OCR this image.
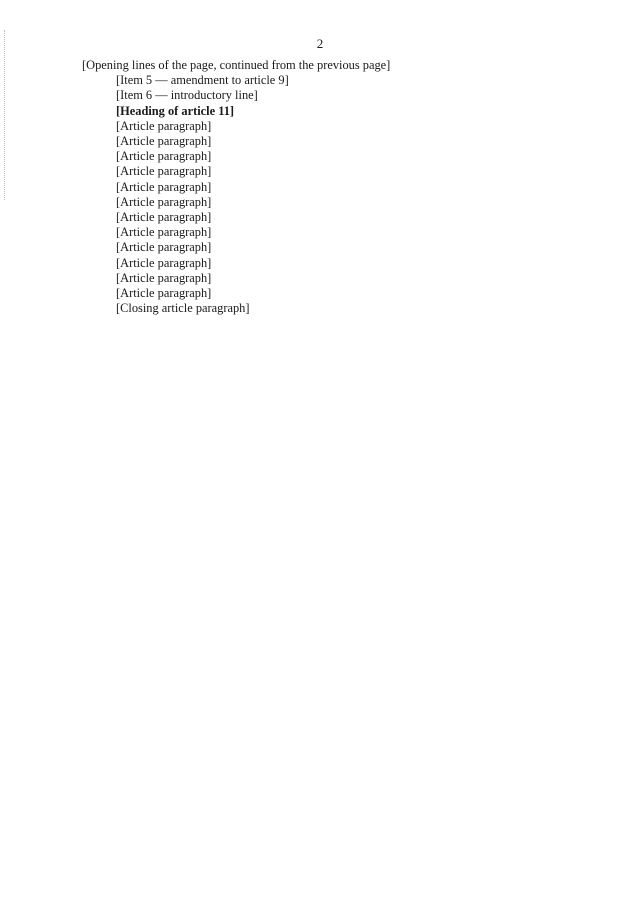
2

[Opening lines of the page, continued from the previous page]

[Item 5 — amendment to article 9]

[Item 6 — introductory line]

[Heading of article 11]

[Article paragraph]

[Article paragraph]

[Article paragraph]

[Article paragraph]

[Article paragraph]

[Article paragraph]

[Article paragraph]

[Article paragraph]

[Article paragraph]

[Article paragraph]

[Article paragraph]

[Article paragraph]

[Closing article paragraph]
